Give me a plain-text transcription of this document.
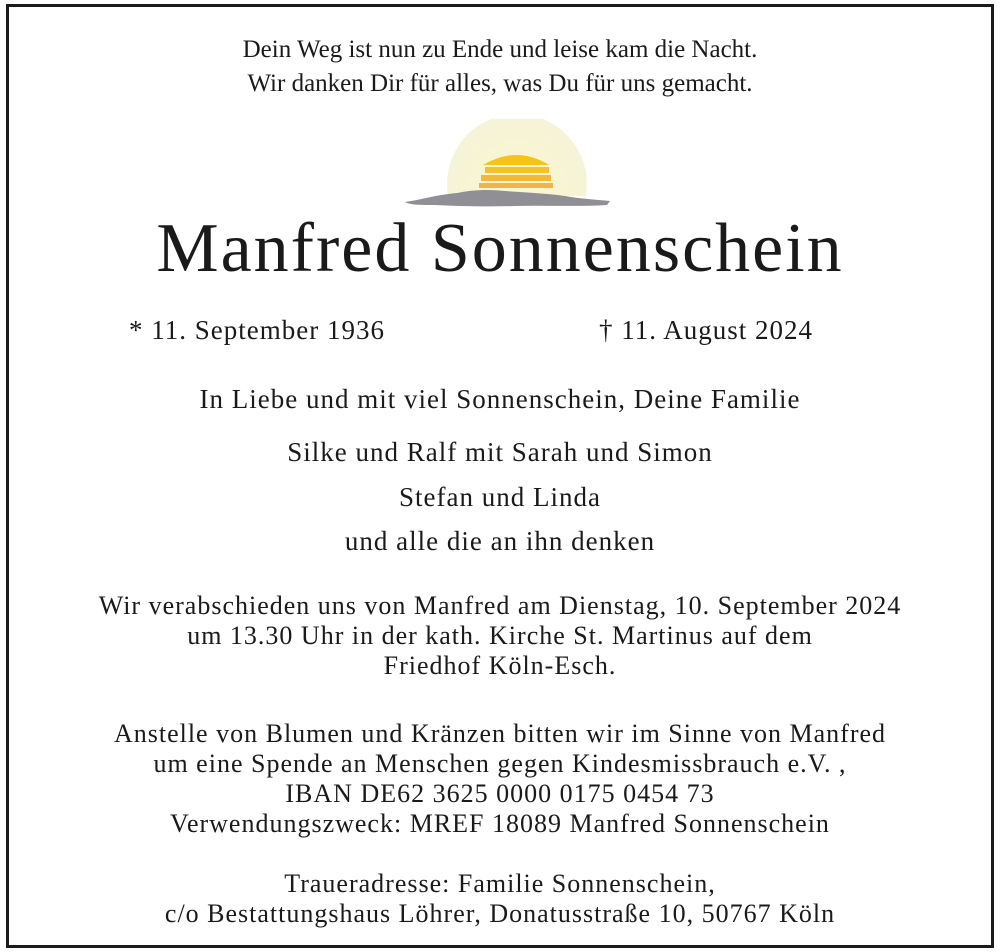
Dein Weg ist nun zu Ende und leise kam die Nacht.
Wir danken Dir für alles, was Du für uns gemacht.
Manfred Sonnenschein
* 11. September 1936	† 11. August 2024
In Liebe und mit viel Sonnenschein, Deine Familie
Silke und Ralf mit Sarah und Simon
Stefan und Linda
und alle die an ihn denken
Wir verabschieden uns von Manfred am Dienstag, 10. September 2024
um 13.30 Uhr in der kath. Kirche St. Martinus auf dem
Friedhof Köln-Esch.
Anstelle von Blumen und Kränzen bitten wir im Sinne von Manfred
um eine Spende an Menschen gegen Kindesmissbrauch e.V. ,
IBAN DE62 3625 0000 0175 0454 73
Verwendungszweck: MREF 18089 Manfred Sonnenschein
Traueradresse: Familie Sonnenschein,
c/o Bestattungshaus Löhrer, Donatusstraße 10, 50767 Köln
